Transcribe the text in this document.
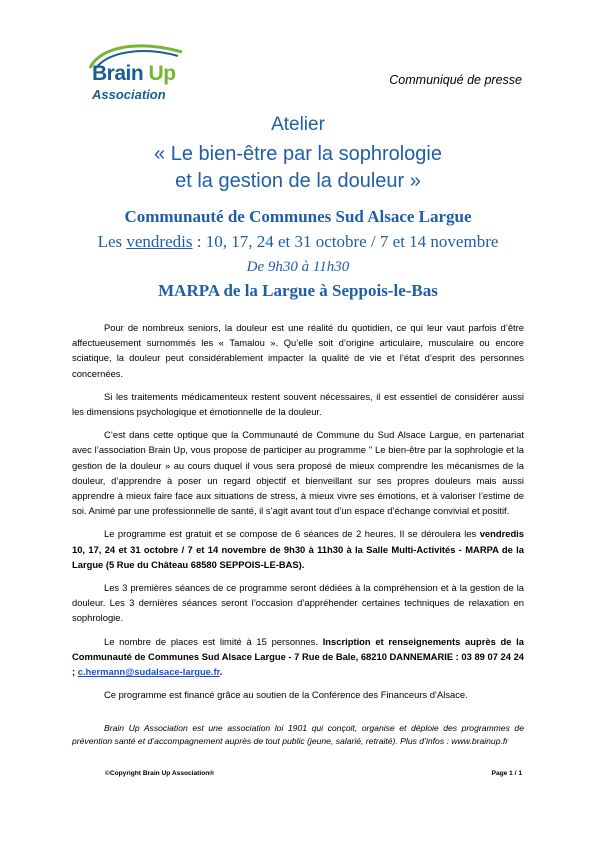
Brain Up
Association
Communiqué de presse
Atelier
« Le bien-être par la sophrologie
et la gestion de la douleur »
Communauté de Communes Sud Alsace Largue
Les vendredis : 10, 17, 24 et 31 octobre / 7 et 14 novembre
De 9h30 à 11h30
MARPA de la Largue à Seppois-le-Bas

Pour de nombreux seniors, la douleur est une réalité du quotidien, ce qui leur vaut parfois d’être affectueusement surnommés les « Tamalou ». Qu’elle soit d’origine articulaire, musculaire ou encore sciatique, la douleur peut considérablement impacter la qualité de vie et l’état d’esprit des personnes concernées.

Si les traitements médicamenteux restent souvent nécessaires, il est essentiel de considérer aussi les dimensions psychologique et émotionnelle de la douleur.

C’est dans cette optique que la Communauté de Commune du Sud Alsace Largue, en partenariat avec l’association Brain Up, vous propose de participer au programme " Le bien-être par la sophrologie et la gestion de la douleur » au cours duquel il vous sera proposé de mieux comprendre les mécanismes de la douleur, d’apprendre à poser un regard objectif et bienveillant sur ses propres douleurs mais aussi apprendre à mieux faire face aux situations de stress, à mieux vivre ses émotions, et à valoriser l’estime de soi. Animé par une professionnelle de santé, il s’agit avant tout d’un espace d’échange convivial et positif.

Le programme est gratuit et se compose de 6 séances de 2 heures. Il se déroulera les vendredis 10, 17, 24 et 31 octobre / 7 et 14 novembre de 9h30 à 11h30 à la Salle Multi-Activités - MARPA de la Largue (5 Rue du Château 68580 SEPPOIS-LE-BAS).

Les 3 premières séances de ce programme seront dédiées à la compréhension et à la gestion de la douleur. Les 3 dernières séances seront l’occasion d’appréhender certaines techniques de relaxation en sophrologie.

Le nombre de places est limité à 15 personnes. Inscription et renseignements auprès de la Communauté de Communes Sud Alsace Largue - 7 Rue de Bale, 68210 DANNEMARIE : 03 89 07 24 24 ; c.hermann@sudalsace-largue.fr.

Ce programme est financé grâce au soutien de la Conférence des Financeurs d’Alsace.

Brain Up Association est une association loi 1901 qui conçoit, organise et déploie des programmes de prévention santé et d’accompagnement auprès de tout public (jeune, salarié, retraité). Plus d’infos : www.brainup.fr
©Copyright Brain Up Association®	Page 1 / 1
